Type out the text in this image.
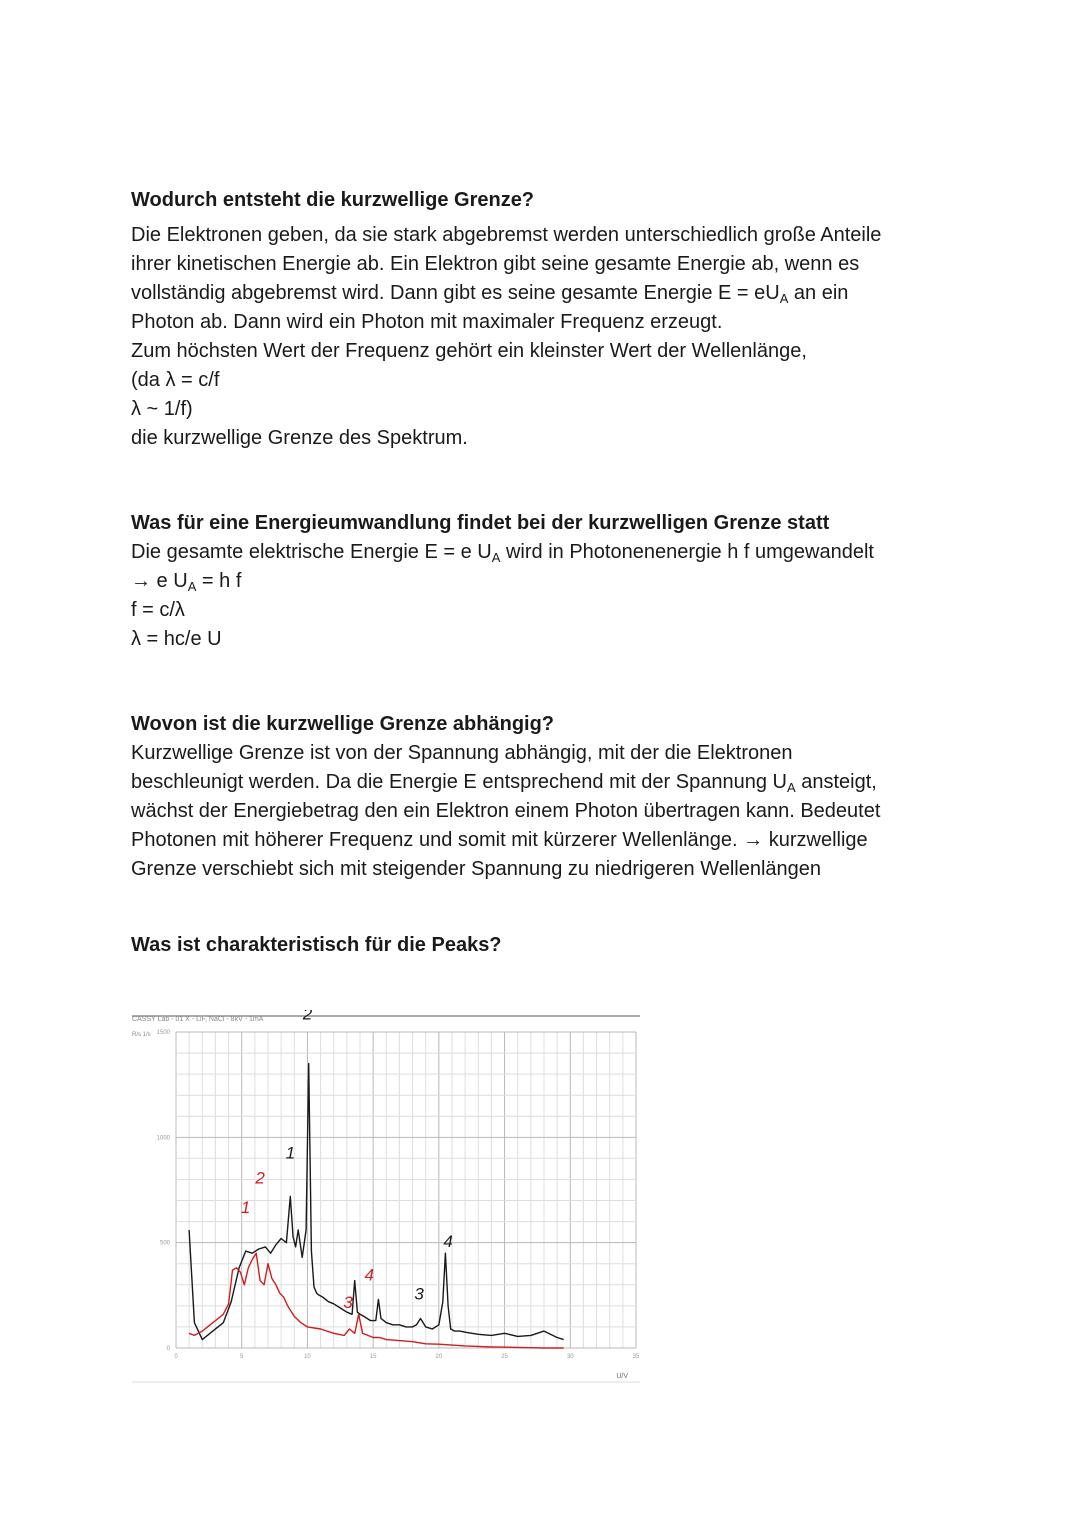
Wodurch entsteht die kurzwellige Grenze?
Die Elektronen geben, da sie stark abgebremst werden unterschiedlich große Anteile
ihrer kinetischen Energie ab. Ein Elektron gibt seine gesamte Energie ab, wenn es
vollständig abgebremst wird. Dann gibt es seine gesamte Energie $E = eU_A$ an ein
Photon ab. Dann wird ein Photon mit maximaler Frequenz erzeugt.
Zum höchsten Wert der Frequenz gehört ein kleinster Wert der Wellenlänge,
(da λ = c/f
λ ~ 1/f)
die kurzwellige Grenze des Spektrum.
Was für eine Energieumwandlung findet bei der kurzwelligen Grenze statt
Die gesamte elektrische Energie E = e $U_A$ wird in Photonenenergie h f umgewandelt
→ e $U_A = h$ f
f = c/λ
λ = hc/e U
Wovon ist die kurzwellige Grenze abhängig?
Kurzwellige Grenze ist von der Spannung abhängig, mit der die Elektronen
beschleunigt werden. Da die Energie E entsprechend mit der Spannung $U_A$ ansteigt,
wächst der Energiebetrag den ein Elektron einem Photon übertragen kann. Bedeutet
Photonen mit höherer Frequenz und somit mit kürzerer Wellenlänge. → kurzwellige
Grenze verschiebt sich mit steigender Spannung zu niedrigeren Wellenlängen
Was ist charakteristisch für die Peaks?
CASSY Lab - 01 X - LiF, NaCl - 8kV - 1mA
R/s 1/s
U/V
0	5	10	15	20	25	30	35
0
500
1000
1500
2
1
2
1
4
4
3
3
